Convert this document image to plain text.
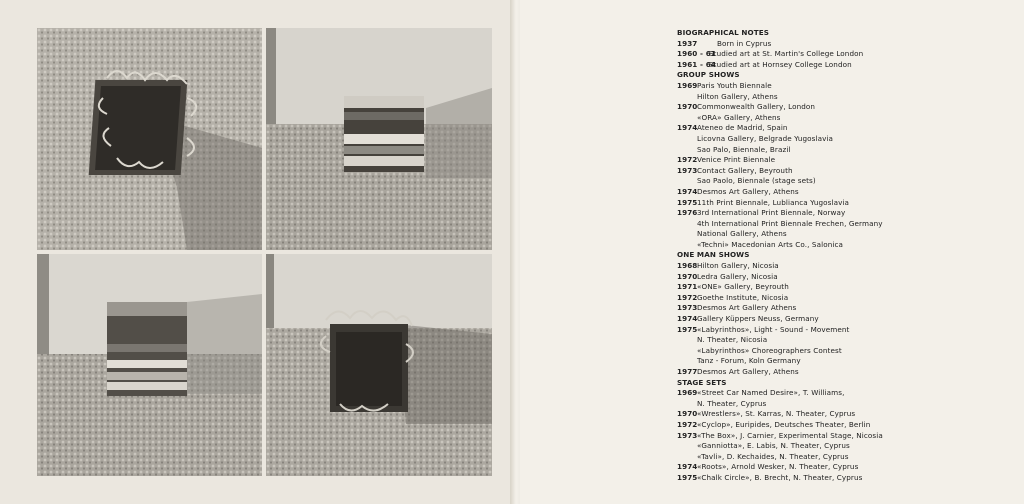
BIOGRAPHICAL NOTES
1937	Born in Cyprus
1960 - 61
Studied art at St. Martin's College London
1961 - 64
Studied art at Hornsey College London
GROUP SHOWS
1969 Paris Youth Biennale
Hilton Gallery, Athens
1970 Commonwealth Gallery, London
«ORA» Gallery, Athens
1974 Ateneo de Madrid, Spain
Licovna Gallery, Belgrade Yugoslavia
Sao Palo, Biennale, Brazil
1972 Venice Print Biennale
1973 Contact Gallery, Beyrouth
Sao Paolo, Biennale (stage sets)
1974 Desmos Art Gallery, Athens
1975 11th Print Biennale, Lublianca Yugoslavia
1976 3rd International Print Biennale, Norway
4th International Print Biennale Frechen, Germany
National Gallery, Athens
«Techni» Macedonian Arts Co., Salonica
ONE MAN SHOWS
1968 Hilton Gallery, Nicosia
1970 Ledra Gallery, Nicosia
1971 «ONE» Gallery, Beyrouth
1972 Goethe Institute, Nicosia
1973 Desmos Art Gallery Athens
1974 Gallery Küppers Neuss, Germany
1975 «Labyrinthos», Light - Sound - Movement
N. Theater, Nicosia
«Labyrinthos» Choreographers Contest
Tanz - Forum, Koln Germany
1977 Desmos Art Gallery, Athens
STAGE SETS
1969 «Street Car Named Desire», T. Williams,
N. Theater, Cyprus
1970 «Wrestlers», St. Karras, N. Theater, Cyprus
1972 «Cyclop», Euripides, Deutsches Theater, Berlin
1973 «The Box», J. Carnier, Experimental Stage, Nicosia
«Ganniotta», E. Labis, N. Theater, Cyprus
«Tavli», D. Kechaides, N. Theater, Cyprus
1974 «Roots», Arnold Wesker, N. Theater, Cyprus
1975 «Chalk Circle», B. Brecht, N. Theater, Cyprus
